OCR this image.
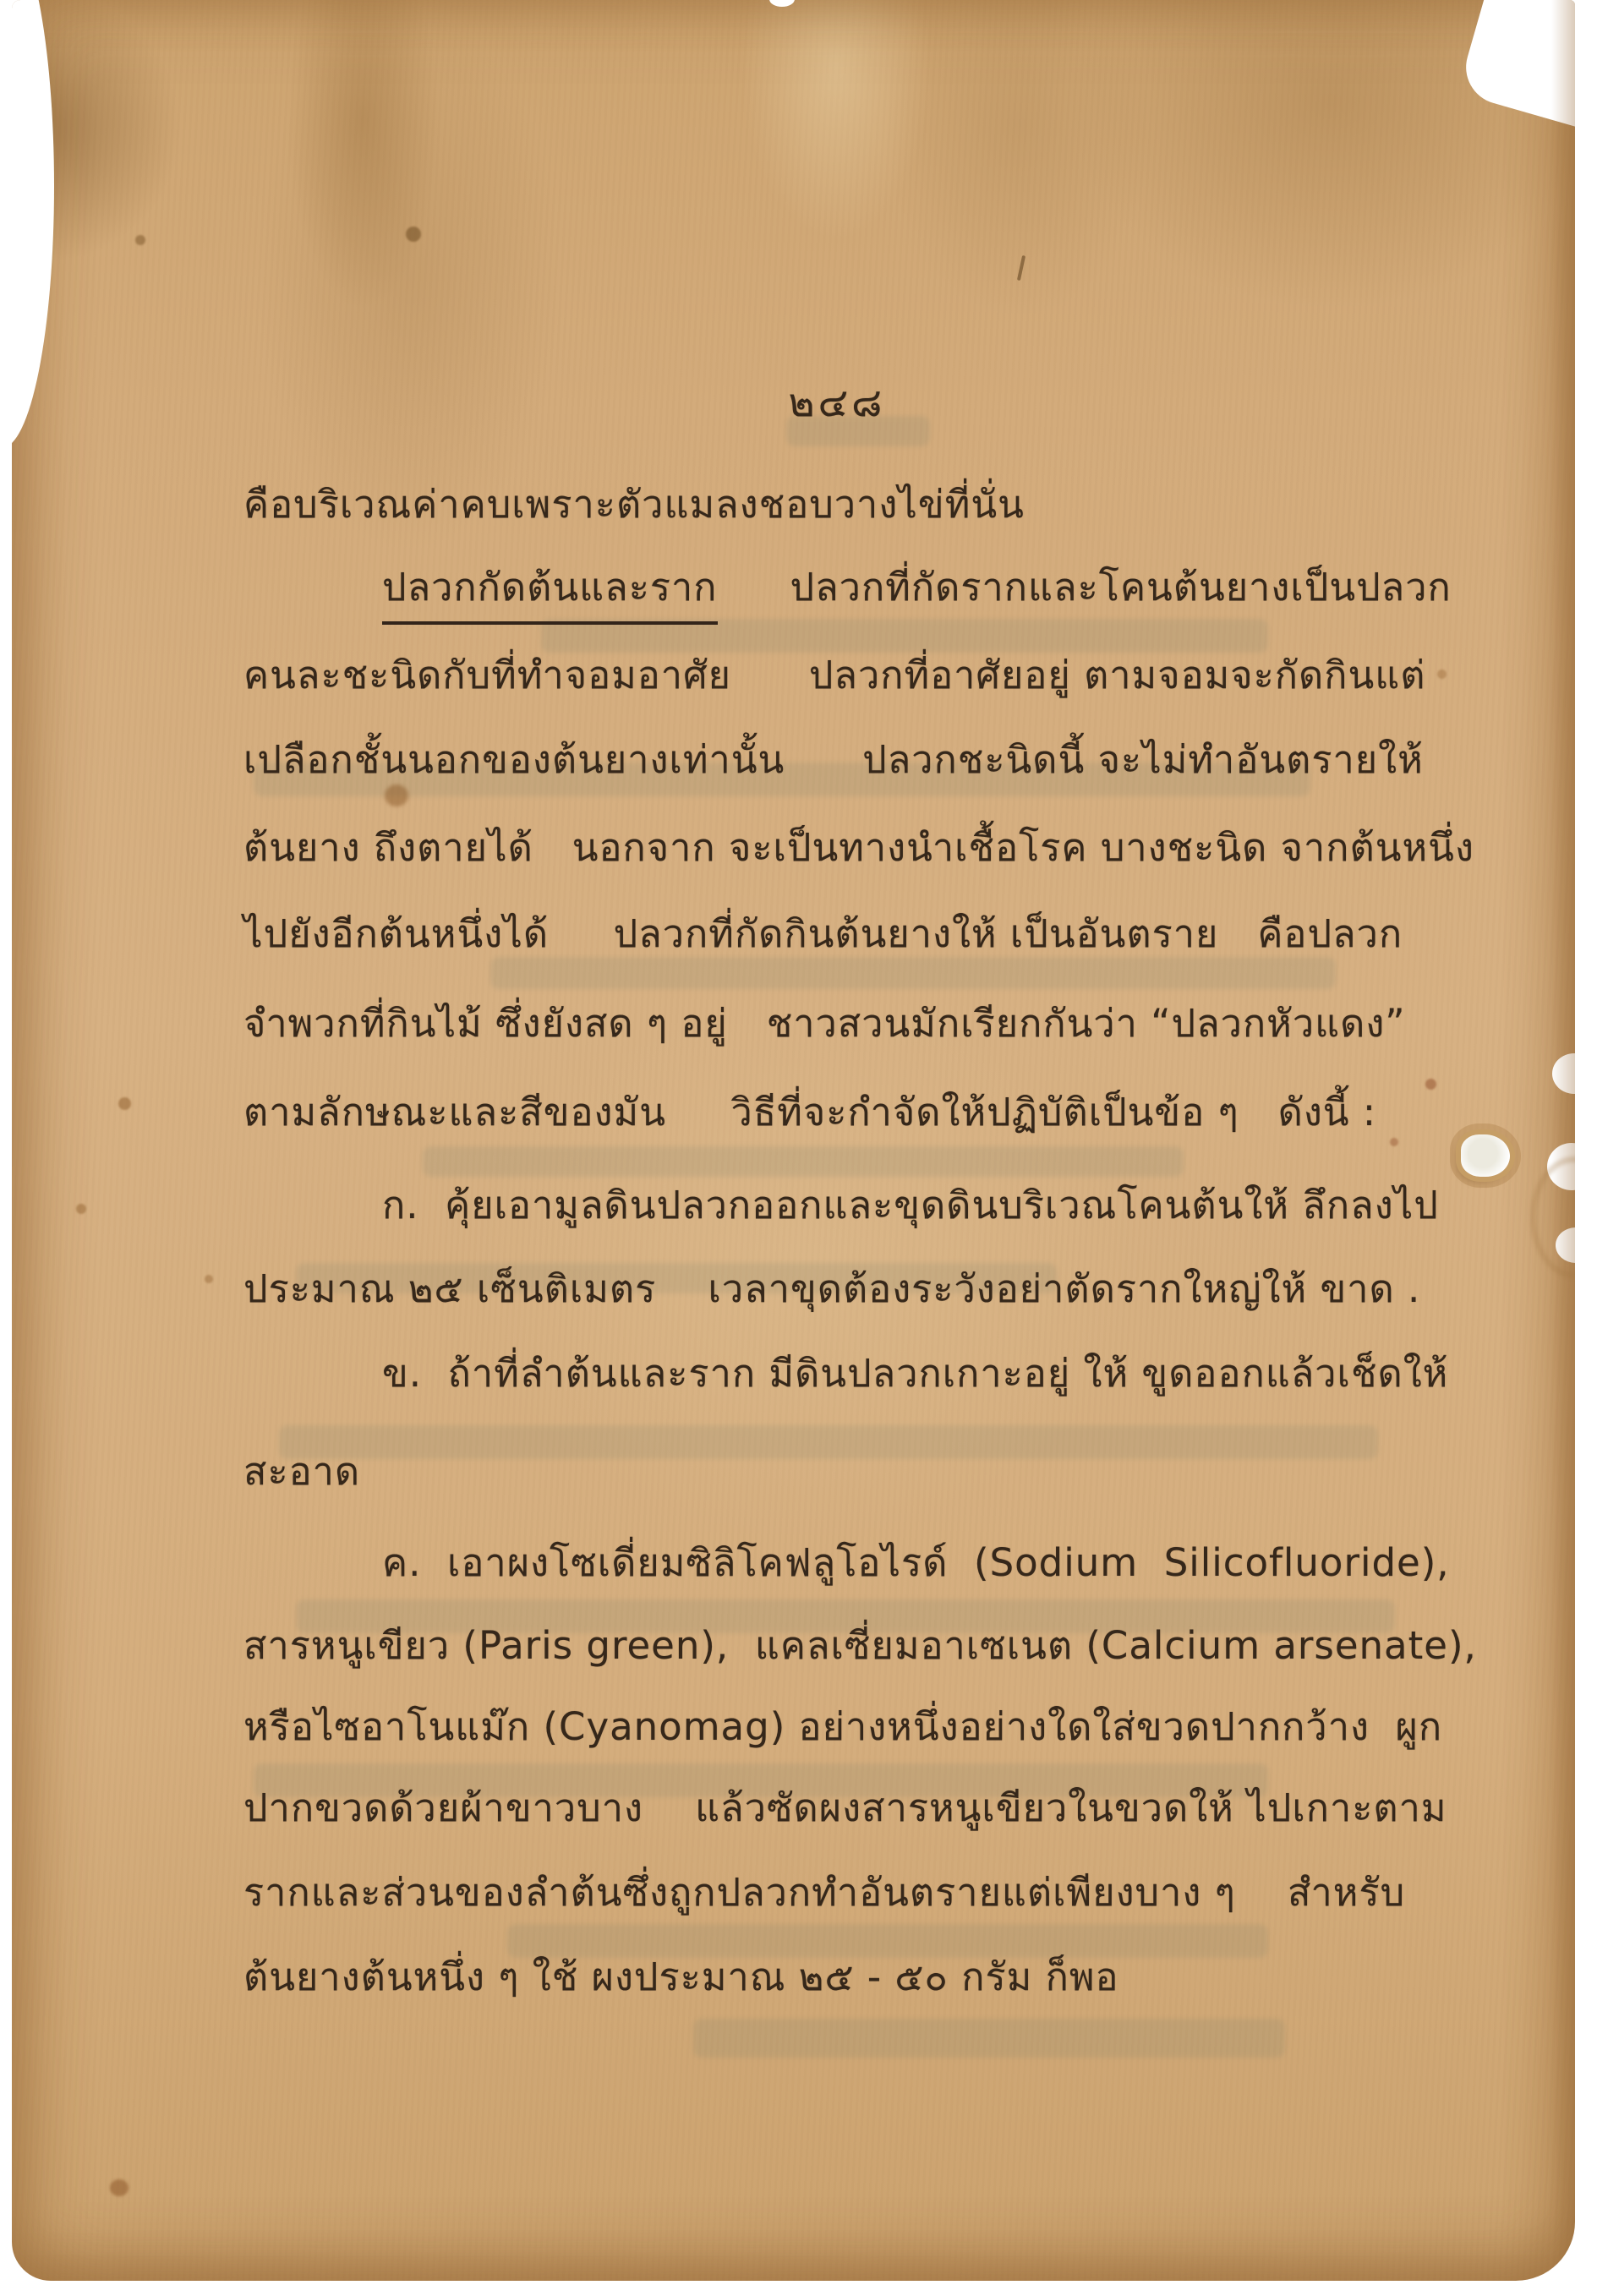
๒๔๘
คือบริเวณค่าคบเพราะตัวแมลงชอบวางไข่ที่นั่น
ปลวกกัดต้นและราก ปลวกที่กัดรากและโคนต้นยางเป็นปลวก
คนละชะนิดกับที่ทำจอมอาศัย      ปลวกที่อาศัยอยู่ ตามจอมจะกัดกินแต่
เปลือกชั้นนอกของต้นยางเท่านั้น      ปลวกชะนิดนี้ จะไม่ทำอันตรายให้
ต้นยาง ถึงตายได้   นอกจาก จะเป็นทางนำเชื้อโรค บางชะนิด จากต้นหนึ่ง
ไปยังอีกต้นหนึ่งได้     ปลวกที่กัดกินต้นยางให้ เป็นอันตราย   คือปลวก
จำพวกที่กินไม้ ซึ่งยังสด ๆ อยู่   ชาวสวนมักเรียกกันว่า “ปลวกหัวแดง”
ตามลักษณะและสีของมัน     วิธีที่จะกำจัดให้ปฏิบัติเป็นข้อ ๆ   ดังนี้ :
ก.  คุ้ยเอามูลดินปลวกออกและขุดดินบริเวณโคนต้นให้ ลึกลงไป
ประมาณ ๒๕ เซ็นติเมตร    เวลาขุดต้องระวังอย่าตัดรากใหญ่ให้ ขาด .
ข.  ถ้าที่ลำต้นและราก มีดินปลวกเกาะอยู่ ให้ ขูดออกแล้วเช็ดให้
สะอาด
ค.  เอาผงโซเดี่ยมซิลิโคฟลูโอไรด์  (Sodium  Silicofluoride),
สารหนูเขียว (Paris green),  แคลเซี่ยมอาเซเนต (Calcium arsenate),
หรือไซอาโนแม๊ก (Cyanomag) อย่างหนึ่งอย่างใดใส่ขวดปากกว้าง  ผูก
ปากขวดด้วยผ้าขาวบาง    แล้วซัดผงสารหนูเขียวในขวดให้ ไปเกาะตาม
รากและส่วนของลำต้นซึ่งถูกปลวกทำอันตรายแต่เพียงบาง ๆ    สำหรับ
ต้นยางต้นหนึ่ง ๆ ใช้ ผงประมาณ ๒๕ - ๕๐ กรัม ก็พอ
